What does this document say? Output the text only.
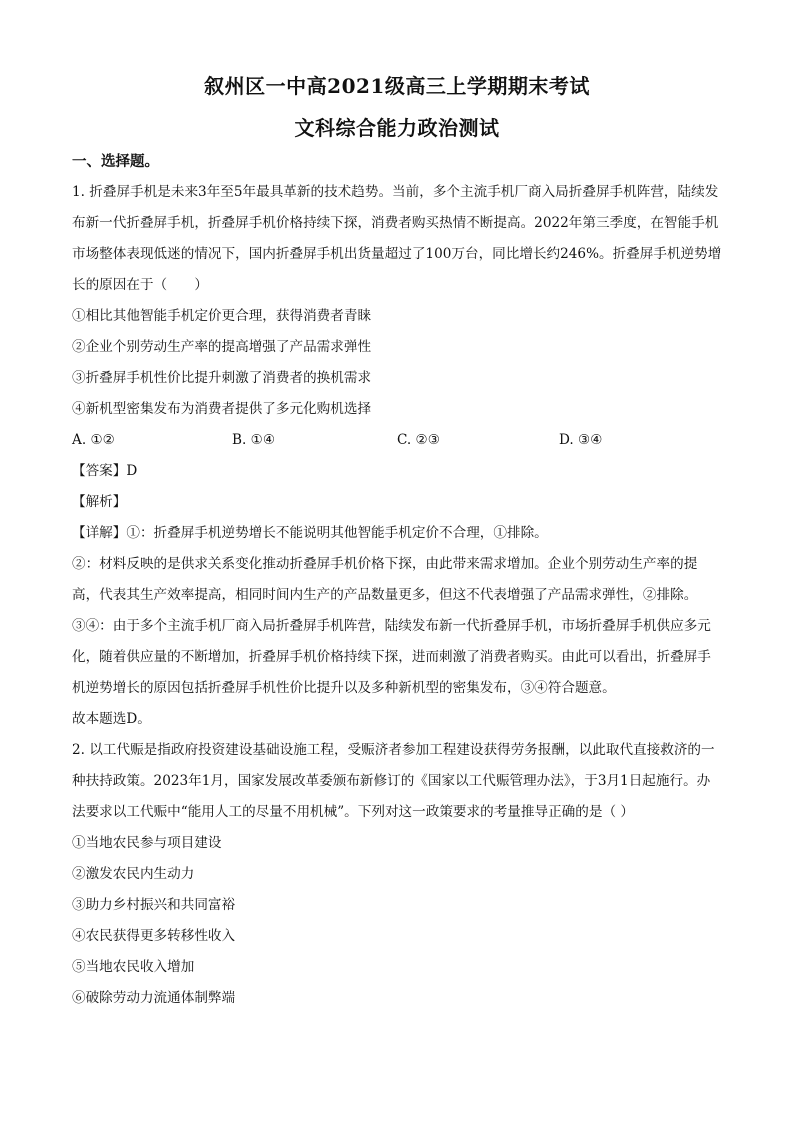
叙州区一中高2021级高三上学期期末考试
文科综合能力政治测试
一、选择题。

1. 折叠屏手机是未来3年至5年最具革新的技术趋势。当前，多个主流手机厂商入局折叠屏手机阵营，陆续发布新一代折叠屏手机，折叠屏手机价格持续下探，消费者购买热情不断提高。2022年第三季度，在智能手机市场整体表现低迷的情况下，国内折叠屏手机出货量超过了100万台，同比增长约246%。折叠屏手机逆势增长的原因在于（　　）

①相比其他智能手机定价更合理，获得消费者青睐

②企业个别劳动生产率的提高增强了产品需求弹性

③折叠屏手机性价比提升刺激了消费者的换机需求

④新机型密集发布为消费者提供了多元化购机选择

A. ①②	B. ①④	C. ②③	D. ③④

【答案】D

【解析】

【详解】①：折叠屏手机逆势增长不能说明其他智能手机定价不合理，①排除。

②：材料反映的是供求关系变化推动折叠屏手机价格下探，由此带来需求增加。企业个别劳动生产率的提高，代表其生产效率提高，相同时间内生产的产品数量更多，但这不代表增强了产品需求弹性，②排除。

③④：由于多个主流手机厂商入局折叠屏手机阵营，陆续发布新一代折叠屏手机，市场折叠屏手机供应多元化，随着供应量的不断增加，折叠屏手机价格持续下探，进而刺激了消费者购买。由此可以看出，折叠屏手机逆势增长的原因包括折叠屏手机性价比提升以及多种新机型的密集发布，③④符合题意。

故本题选D。

2. 以工代赈是指政府投资建设基础设施工程，受赈济者参加工程建设获得劳务报酬，以此取代直接救济的一种扶持政策。2023年1月，国家发展改革委颁布新修订的《国家以工代赈管理办法》，于3月1日起施行。办法要求以工代赈中“能用人工的尽量不用机械”。下列对这一政策要求的考量推导正确的是（ ）

①当地农民参与项目建设

②激发农民内生动力

③助力乡村振兴和共同富裕

④农民获得更多转移性收入

⑤当地农民收入增加

⑥破除劳动力流通体制弊端
